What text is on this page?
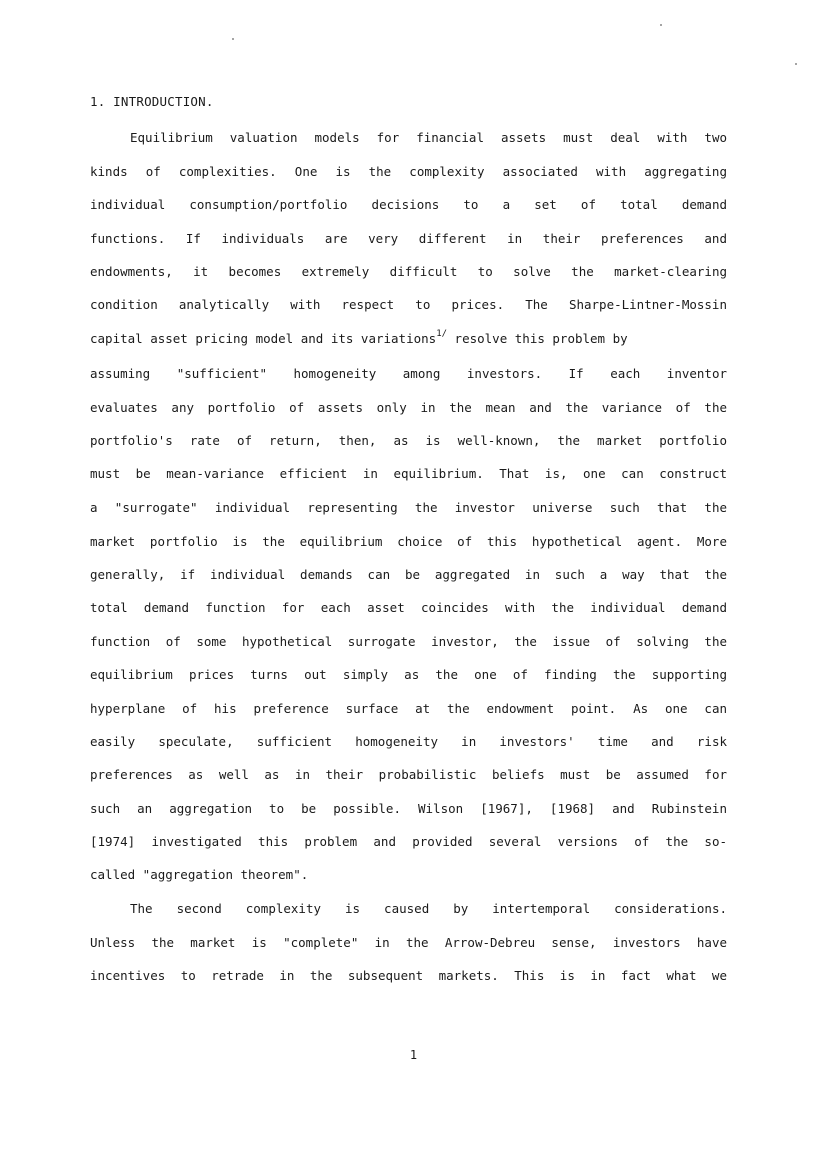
1. INTRODUCTION.
Equilibrium valuation models for financial assets must deal with two
kinds of complexities. One is the complexity associated with aggregating
individual consumption/portfolio decisions to a set of total demand
functions. If individuals are very different in their preferences and
endowments, it becomes extremely difficult to solve the market-clearing
condition analytically with respect to prices. The Sharpe-Lintner-Mossin
capital asset pricing model and its variations$^{1/}$ resolve this problem by
assuming "sufficient" homogeneity among investors. If each inventor
evaluates any portfolio of assets only in the mean and the variance of the
portfolio's rate of return, then, as is well-known, the market portfolio
must be mean-variance efficient in equilibrium. That is, one can construct
a "surrogate" individual representing the investor universe such that the
market portfolio is the equilibrium choice of this hypothetical agent. More
generally, if individual demands can be aggregated in such a way that the
total demand function for each asset coincides with the individual demand
function of some hypothetical surrogate investor, the issue of solving the
equilibrium prices turns out simply as the one of finding the supporting
hyperplane of his preference surface at the endowment point. As one can
easily speculate, sufficient homogeneity in investors' time and risk
preferences as well as in their probabilistic beliefs must be assumed for
such an aggregation to be possible. Wilson [1967], [1968] and Rubinstein
[1974] investigated this problem and provided several versions of the so-
called "aggregation theorem".
The second complexity is caused by intertemporal considerations.
Unless the market is "complete" in the Arrow-Debreu sense, investors have
incentives to retrade in the subsequent markets. This is in fact what we
1
